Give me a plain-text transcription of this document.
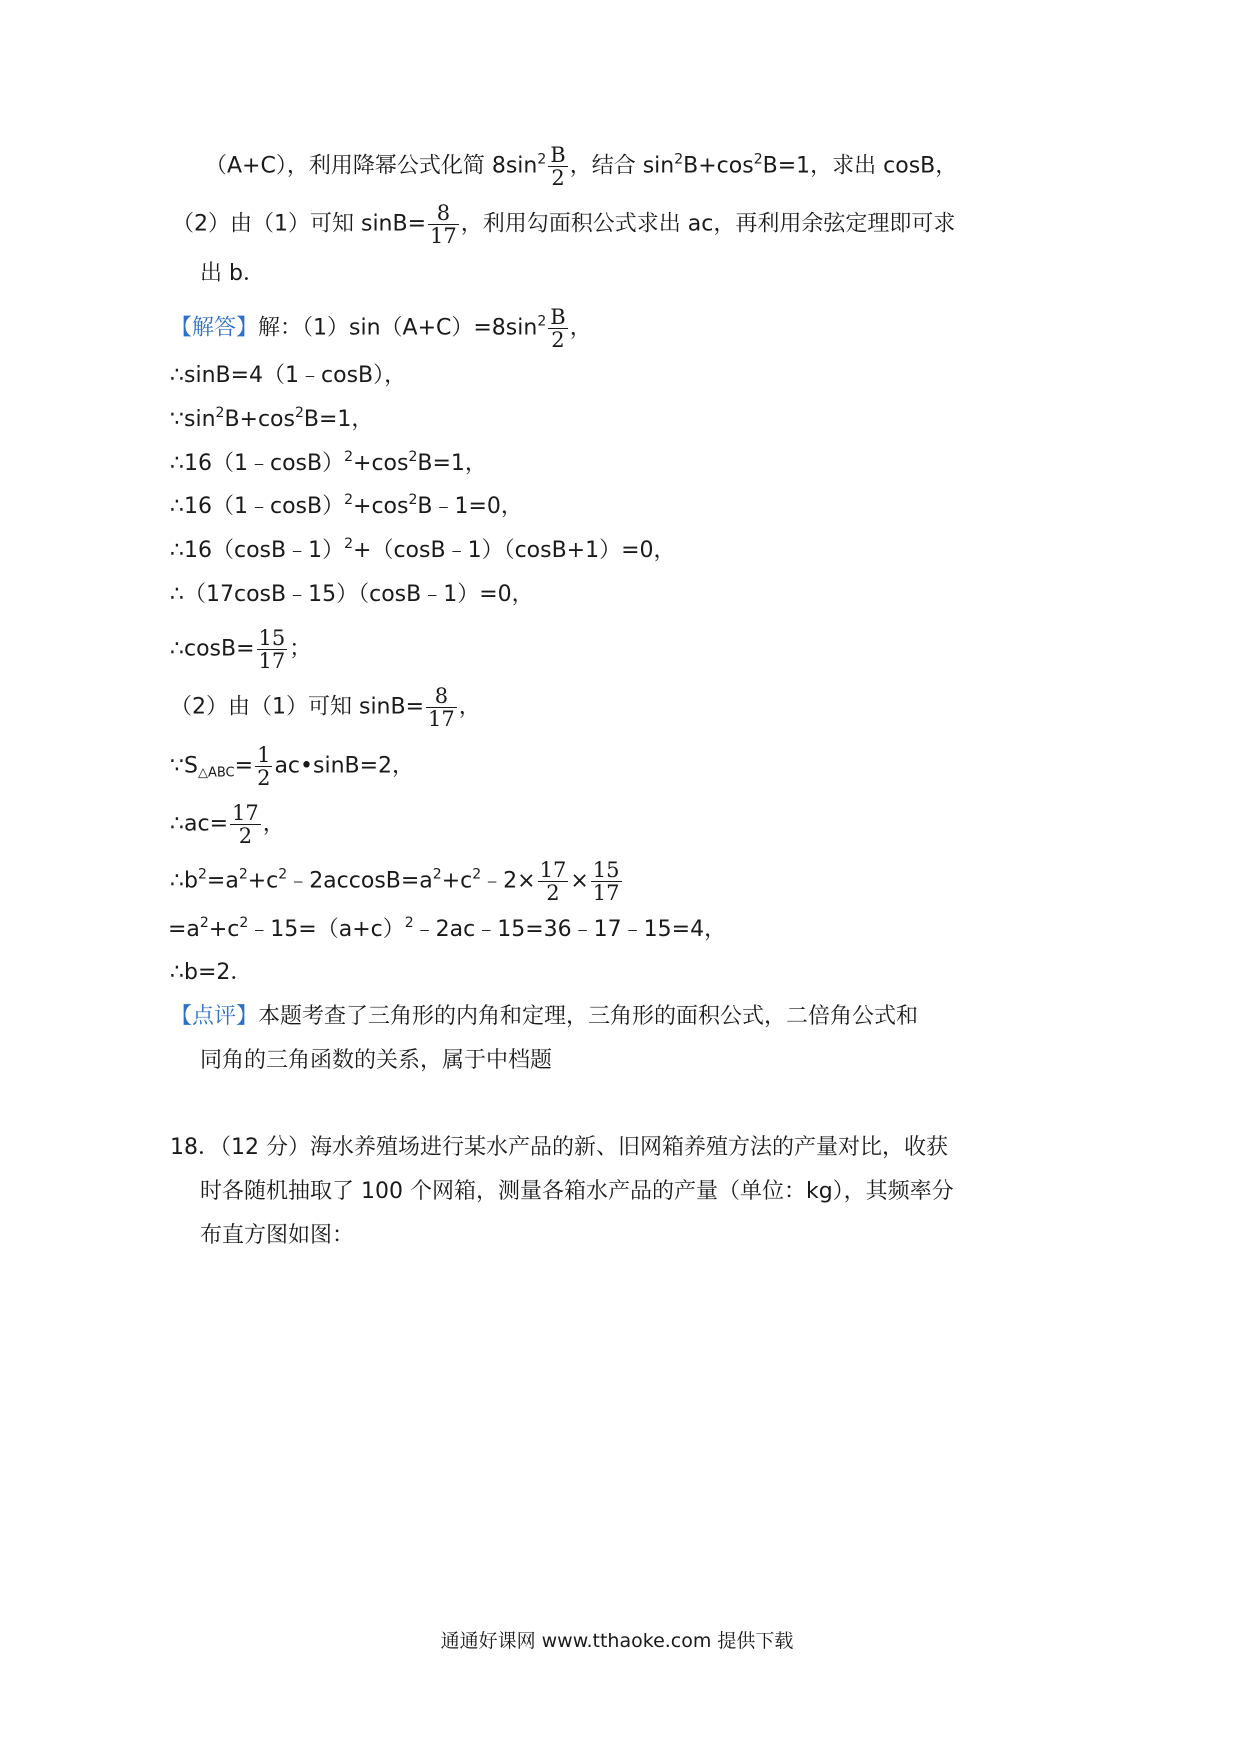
（A+C），利用降幂公式化简 $8\sin^2 \frac{B}{2}$ ，结合 $\sin^2B+\cos^2B=1$，求出 cosB，
（2）由（1）可知 $\sin B= \frac{8}{17}$ ，利用勾面积公式求出 ac，再利用余弦定理即可求
出 b．
【解答】解：$(1)\sin(A+C)=8\sin^2 \frac{B}{2}$ ，
∴sinB=4（1﹣cosB），
$\because\sin^2B+\cos^2B=1$，
$\therefore 16(1﹣\cos B)^2+\cos^2B=1$，
$\therefore 16(1﹣\cos B)^2+\cos^2B﹣1=0$，
∴16（cosB﹣1）$^2$+（cosB﹣1）（cosB+1）=0，
∴（17cosB﹣15）（cosB﹣1）=0，
∴cosB= $\frac{15}{17}$ ；
（2）由（1）可知 $\sin B= \frac{8}{17}$ ，
$\because S_{\triangle ABC}= \frac{1}{2}$ ac•sinB=2，
∴ac= $\frac{17}{2}$ ，
$\therefore b^2=a^2+c^2﹣2accosB=a^2+c^2﹣2\times \frac{17}{2} \times \frac{15}{17}$
$=a^2+c^2﹣15=(a+c)^2﹣2ac﹣15=36﹣17﹣15=4$，
∴b=2．
【点评】本题考查了三角形的内角和定理，三角形的面积公式，二倍角公式和
同角的三角函数的关系，属于中档题
18．（12 分）海水养殖场进行某水产品的新、旧网箱养殖方法的产量对比，收获
时各随机抽取了 100 个网箱，测量各箱水产品的产量（单位：kg），其频率分
布直方图如图：
通通好课网 www.tthaoke.com 提供下载
